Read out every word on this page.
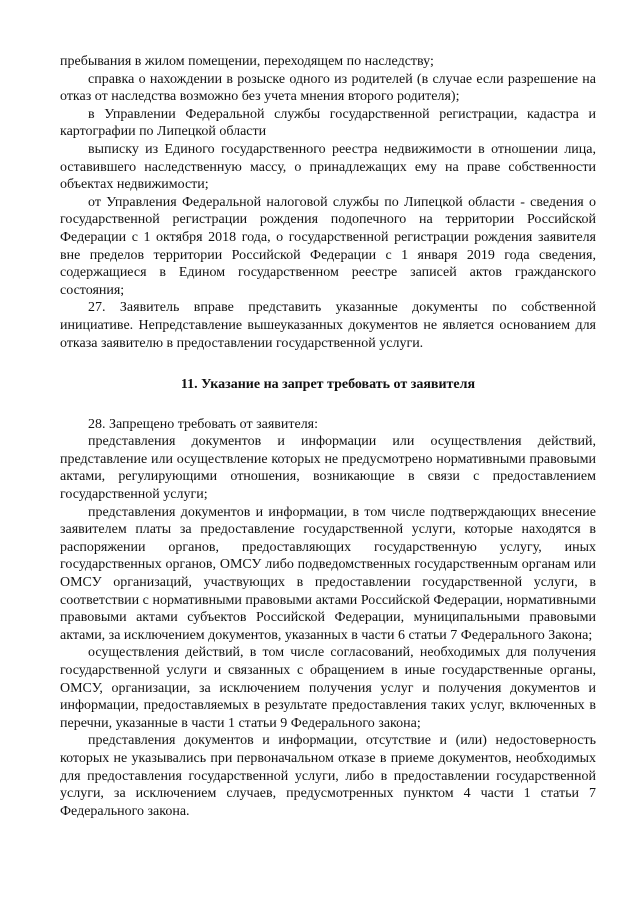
пребывания в жилом помещении, переходящем по наследству;

справка о нахождении в розыске одного из родителей (в случае если разрешение на отказ от наследства возможно без учета мнения второго родителя);

в Управлении Федеральной службы государственной регистрации, кадастра и картографии по Липецкой области

выписку из Единого государственного реестра недвижимости в отношении лица, оставившего наследственную массу, о принадлежащих ему на праве собственности объектах недвижимости;

от Управления Федеральной налоговой службы по Липецкой области - сведения о государственной регистрации рождения подопечного на территории Российской Федерации с 1 октября 2018 года, о государственной регистрации рождения заявителя вне пределов территории Российской Федерации с 1 января 2019 года сведения, содержащиеся в Едином государственном реестре записей актов гражданского состояния;

27. Заявитель вправе представить указанные документы по собственной инициативе. Непредставление вышеуказанных документов не является основанием для отказа заявителю в предоставлении государственной услуги.

11. Указание на запрет требовать от заявителя

28. Запрещено требовать от заявителя:

представления документов и информации или осуществления действий, представление или осуществление которых не предусмотрено нормативными правовыми актами, регулирующими отношения, возникающие в связи с предоставлением государственной услуги;

представления документов и информации, в том числе подтверждающих внесение заявителем платы за предоставление государственной услуги, которые находятся в распоряжении органов, предоставляющих государственную услугу, иных государственных органов, ОМСУ либо подведомственных государственным органам или ОМСУ организаций, участвующих в предоставлении государственной услуги, в соответствии с нормативными правовыми актами Российской Федерации, нормативными правовыми актами субъектов Российской Федерации, муниципальными правовыми актами, за исключением документов, указанных в части 6 статьи 7 Федерального Закона;

осуществления действий, в том числе согласований, необходимых для получения государственной услуги и связанных с обращением в иные государственные органы, ОМСУ, организации, за исключением получения услуг и получения документов и информации, предоставляемых в результате предоставления таких услуг, включенных в перечни, указанные в части 1 статьи 9 Федерального закона;

представления документов и информации, отсутствие и (или) недостоверность которых не указывались при первоначальном отказе в приеме документов, необходимых для предоставления государственной услуги, либо в предоставлении государственной услуги, за исключением случаев, предусмотренных пунктом 4 части 1 статьи 7 Федерального закона.
